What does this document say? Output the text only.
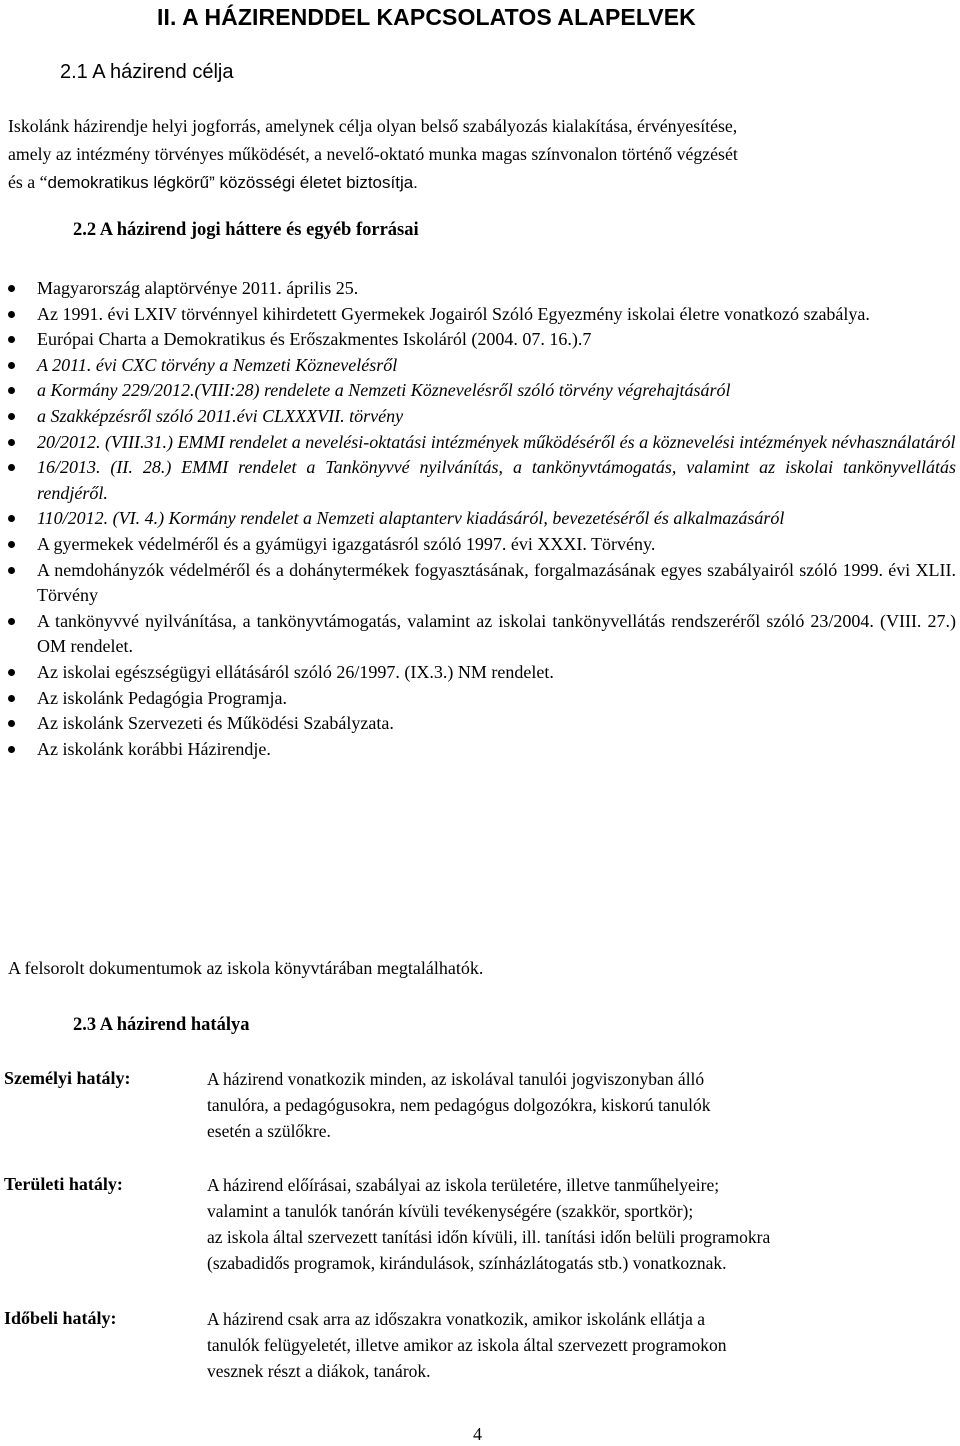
II. A HÁZIRENDDEL KAPCSOLATOS ALAPELVEK
2.1 A házirend célja
Iskolánk házirendje helyi jogforrás, amelynek célja olyan belső szabályozás kialakítása, érvényesítése,
amely az intézmény törvényes működését, a nevelő-oktató munka magas színvonalon történő végzését
és a “demokratikus légkörű” közösségi életet biztosítja.
2.2 A házirend jogi háttere és egyéb forrásai
Magyarország alaptörvénye 2011. április 25.
Az 1991. évi LXIV törvénnyel kihirdetett Gyermekek Jogairól Szóló Egyezmény iskolai életre vonatkozó szabálya.
Európai Charta a Demokratikus és Erőszakmentes Iskoláról (2004. 07. 16.).7
A 2011. évi CXC törvény a Nemzeti Köznevelésről
a Kormány 229/2012.(VIII:28) rendelete a Nemzeti Köznevelésről szóló törvény végrehajtásáról
a Szakképzésről szóló 2011.évi CLXXXVII. törvény
20/2012. (VIII.31.) EMMI rendelet a nevelési-oktatási intézmények működéséről és a köznevelési intézmények névhasználatáról
16/2013. (II. 28.) EMMI rendelet a Tankönyvvé nyilvánítás, a tankönyvtámogatás, valamint az iskolai tankönyvellátás rendjéről.
110/2012. (VI. 4.) Kormány rendelet a Nemzeti alaptanterv kiadásáról, bevezetéséről és alkalmazásáról
A gyermekek védelméről és a gyámügyi igazgatásról szóló 1997. évi XXXI. Törvény.
A nemdohányzók védelméről és a dohánytermékek fogyasztásának, forgalmazásának egyes szabályairól szóló 1999. évi XLII. Törvény
A tankönyvvé nyilvánítása, a tankönyvtámogatás, valamint az iskolai tankönyvellátás rendszeréről szóló 23/2004. (VIII. 27.) OM rendelet.
Az iskolai egészségügyi ellátásáról szóló 26/1997. (IX.3.) NM rendelet.
Az iskolánk Pedagógia Programja.
Az iskolánk Szervezeti és Működési Szabályzata.
Az iskolánk korábbi Házirendje.

A felsorolt dokumentumok az iskola könyvtárában megtalálhatók.

2.3 A házirend hatálya
Személyi hatály:	A házirend vonatkozik minden, az iskolával tanulói jogviszonyban álló
tanulóra, a pedagógusokra, nem pedagógus dolgozókra, kiskorú tanulók
esetén a szülőkre.
Területi hatály:	A házirend előírásai, szabályai az iskola területére, illetve tanműhelyeire;
valamint a tanulók tanórán kívüli tevékenységére (szakkör, sportkör);
az iskola által szervezett tanítási időn kívüli, ill. tanítási időn belüli programokra
(szabadidős programok, kirándulások, színházlátogatás stb.) vonatkoznak.
Időbeli hatály:	A házirend csak arra az időszakra vonatkozik, amikor iskolánk ellátja a
tanulók felügyeletét, illetve amikor az iskola által szervezett programokon
vesznek részt a diákok, tanárok.
4
